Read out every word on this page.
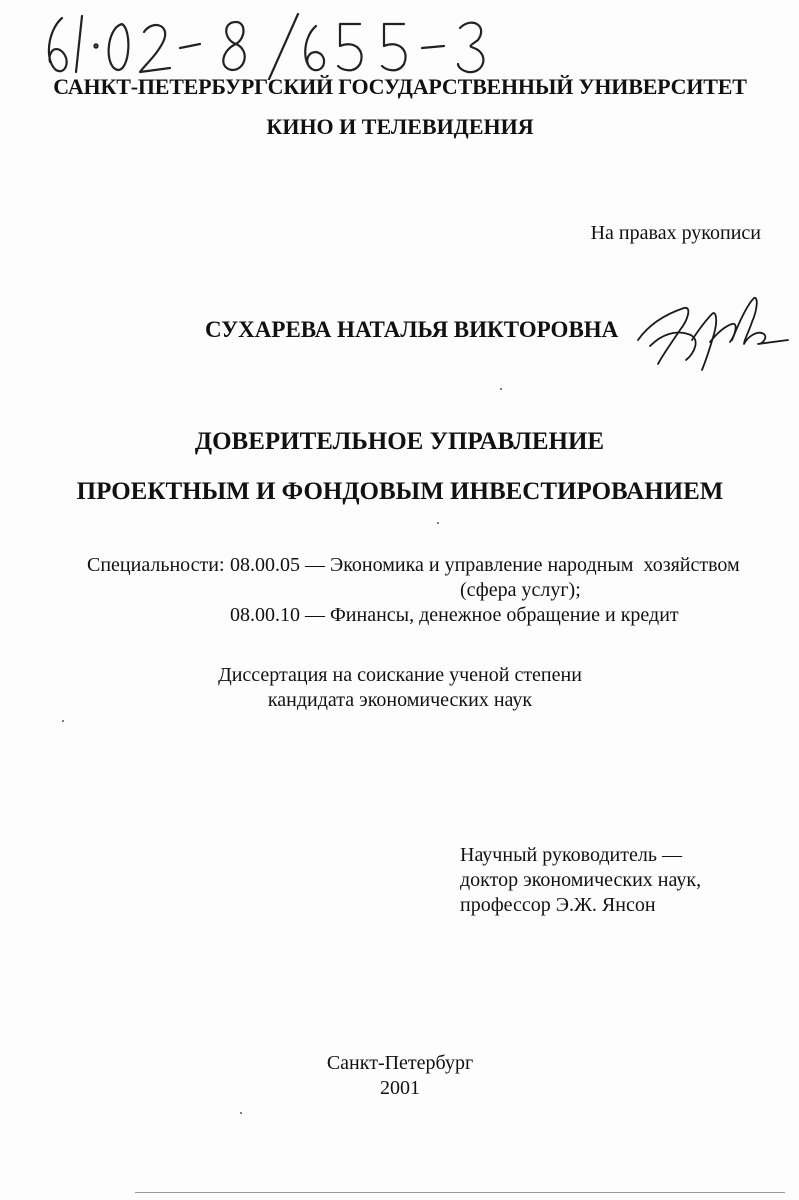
САНКТ-ПЕТЕРБУРГСКИЙ ГОСУДАРСТВЕННЫЙ УНИВЕРСИТЕТ
КИНО И ТЕЛЕВИДЕНИЯ
На правах рукописи
СУХАРЕВА НАТАЛЬЯ ВИКТОРОВНА
ДОВЕРИТЕЛЬНОЕ УПРАВЛЕНИЕ
ПРОЕКТНЫМ И ФОНДОВЫМ ИНВЕСТИРОВАНИЕМ
Специальности: 08.00.05 — Экономика и управление народным  хозяйством
(сфера услуг);
08.00.10 — Финансы, денежное обращение и кредит
Диссертация на соискание ученой степени
кандидата экономических наук
Научный руководитель —
доктор экономических наук,
профессор Э.Ж. Янсон
Санкт-Петербург
2001
